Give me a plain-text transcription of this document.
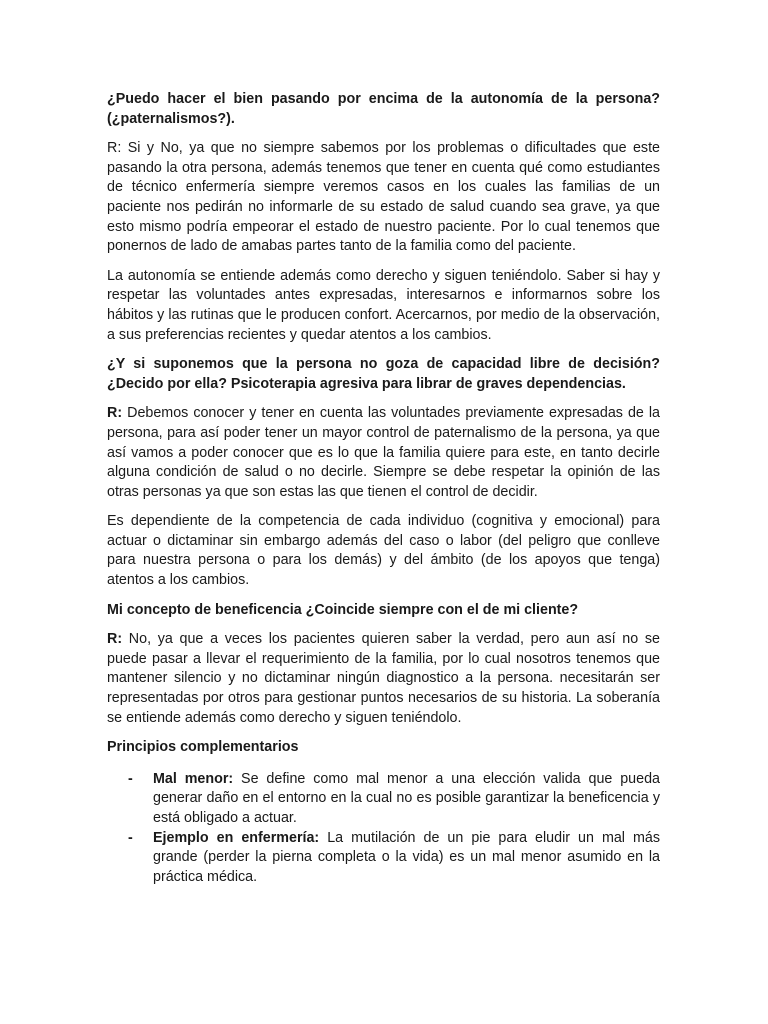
¿Puedo hacer el bien pasando por encima de la autonomía de la persona? (¿paternalismos?).

R: Si y No, ya que no siempre sabemos por los problemas o dificultades que este pasando la otra persona, además tenemos que tener en cuenta qué como estudiantes de técnico enfermería siempre veremos casos en los cuales las familias de un paciente nos pedirán no informarle de su estado de salud cuando sea grave, ya que esto mismo podría empeorar el estado de nuestro paciente. Por lo cual tenemos que ponernos de lado de amabas partes tanto de la familia como del paciente.

La autonomía se entiende además como derecho y siguen teniéndolo. Saber si hay y respetar las voluntades antes expresadas, interesarnos e informarnos sobre los hábitos y las rutinas que le producen confort. Acercarnos, por medio de la observación, a sus preferencias recientes y quedar atentos a los cambios.

¿Y si suponemos que la persona no goza de capacidad libre de decisión? ¿Decido por ella? Psicoterapia agresiva para librar de graves dependencias.

R: Debemos conocer y tener en cuenta las voluntades previamente expresadas de la persona, para así poder tener un mayor control de paternalismo de la persona, ya que así vamos a poder conocer que es lo que la familia quiere para este, en tanto decirle alguna condición de salud o no decirle. Siempre se debe respetar la opinión de las otras personas ya que son estas las que tienen el control de decidir.

Es dependiente de la competencia de cada individuo (cognitiva y emocional) para actuar o dictaminar sin embargo además del caso o labor (del peligro que conlleve para nuestra persona o para los demás) y del ámbito (de los apoyos que tenga) atentos a los cambios.

Mi concepto de beneficencia ¿Coincide siempre con el de mi cliente?

R: No, ya que a veces los pacientes quieren saber la verdad, pero aun así no se puede pasar a llevar el requerimiento de la familia, por lo cual nosotros tenemos que mantener silencio y no dictaminar ningún diagnostico a la persona. necesitarán ser representadas por otros para gestionar puntos necesarios de su historia. La soberanía se entiende además como derecho y siguen teniéndolo.

Principios complementarios

- Mal menor: Se define como mal menor a una elección valida que pueda generar daño en el entorno en la cual no es posible garantizar la beneficencia y está obligado a actuar.
- Ejemplo en enfermería: La mutilación de un pie para eludir un mal más grande (perder la pierna completa o la vida) es un mal menor asumido en la práctica médica.
